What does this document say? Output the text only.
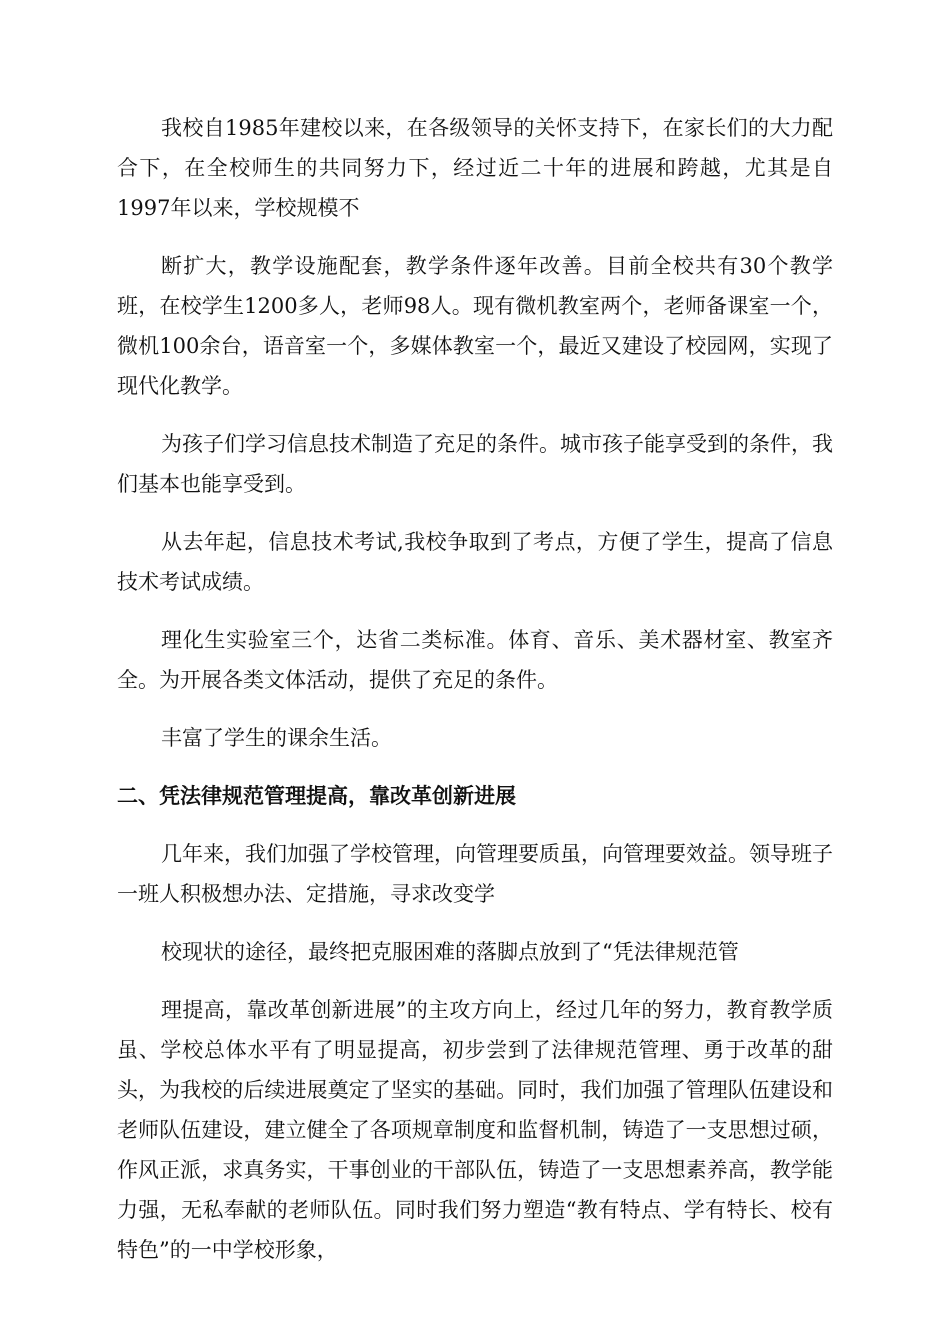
我校自1985年建校以来，在各级领导的关怀支持下，在家长们的大力配合下，在全校师生的共同努力下，经过近二十年的进展和跨越，尤其是自1997年以来，学校规模不

断扩大，教学设施配套，教学条件逐年改善。目前全校共有30个教学班，在校学生1200多人，老师98人。现有微机教室两个，老师备课室一个，微机100余台，语音室一个，多媒体教室一个，最近又建设了校园网，实现了现代化教学。

为孩子们学习信息技术制造了充足的条件。城市孩子能享受到的条件，我们基本也能享受到。

从去年起，信息技术考试,我校争取到了考点，方便了学生，提高了信息技术考试成绩。

理化生实验室三个，达省二类标准。体育、音乐、美术器材室、教室齐全。为开展各类文体活动，提供了充足的条件。

丰富了学生的课余生活。

二、凭法律规范管理提高，靠改革创新进展

几年来，我们加强了学校管理，向管理要质虽，向管理要效益。领导班子一班人积极想办法、定措施，寻求改变学

校现状的途径，最终把克服困难的落脚点放到了“凭法律规范管

理提高，靠改革创新进展”的主攻方向上，经过几年的努力，教育教学质虽、学校总体水平有了明显提高，初步尝到了法律规范管理、勇于改革的甜头，为我校的后续进展奠定了坚实的基础。同时，我们加强了管理队伍建设和老师队伍建设，建立健全了各项规章制度和监督机制，铸造了一支思想过硕，作风正派，求真务实，干事创业的干部队伍，铸造了一支思想素养高，教学能力强，无私奉献的老师队伍。同时我们努力塑造“教有特点、学有特长、校有特色”的一中学校形象，
